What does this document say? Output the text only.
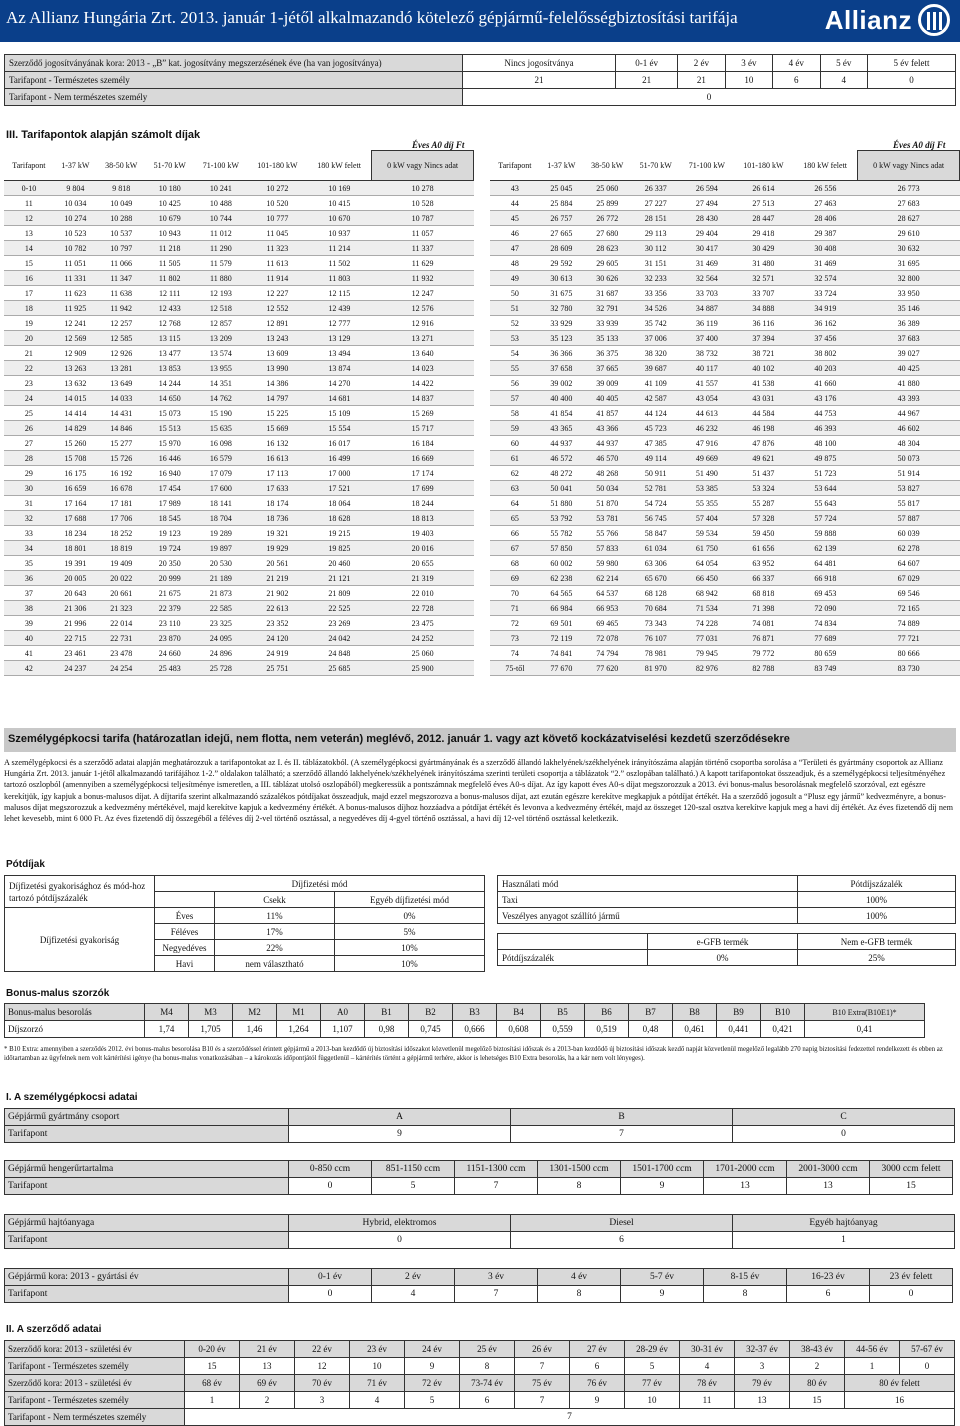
Az Allianz Hungária Zrt. 2013. január 1-jétől alkalmazandó kötelező gépjármű-felelősségbiztosítási tarifája	Allianz
Szerződő jogosítványának kora: 2013 - „B” kat. jogosítvány megszerzésének éve (ha van jogosítványa)	Nincs jogosítványa	0-1 év	2 év	3 év	4 év	5 év	5 év felett
Tarifapont - Természetes személy	21	21	21	10	6	4	0
Tarifapont - Nem természetes személy	0						
III. Tarifapontok alapján számolt díjak
Éves A0 díj Ft	Éves A0 díj Ft
Tarifapont	1-37 kW	38-50 kW	51-70 kW	71-100 kW	101-180 kW	180 kW felett	0 kW vagy Nincs adat
0-10	9 804	9 818	10 180	10 241	10 272	10 169	10 278
11	10 034	10 049	10 425	10 488	10 520	10 415	10 528
12	10 274	10 288	10 679	10 744	10 777	10 670	10 787
13	10 523	10 537	10 943	11 012	11 045	10 937	11 057
14	10 782	10 797	11 218	11 290	11 323	11 214	11 337
15	11 051	11 066	11 505	11 579	11 613	11 502	11 629
16	11 331	11 347	11 802	11 880	11 914	11 803	11 932
17	11 623	11 638	12 111	12 193	12 227	12 115	12 247
18	11 925	11 942	12 433	12 518	12 552	12 439	12 576
19	12 241	12 257	12 768	12 857	12 891	12 777	12 916
20	12 569	12 585	13 115	13 209	13 243	13 129	13 271
21	12 909	12 926	13 477	13 574	13 609	13 494	13 640
22	13 263	13 281	13 853	13 955	13 990	13 874	14 023
23	13 632	13 649	14 244	14 351	14 386	14 270	14 422
24	14 015	14 033	14 650	14 762	14 797	14 681	14 837
25	14 414	14 431	15 073	15 190	15 225	15 109	15 269
26	14 829	14 846	15 513	15 635	15 669	15 554	15 717
27	15 260	15 277	15 970	16 098	16 132	16 017	16 184
28	15 708	15 726	16 446	16 579	16 613	16 499	16 669
29	16 175	16 192	16 940	17 079	17 113	17 000	17 174
30	16 659	16 678	17 454	17 600	17 633	17 521	17 699
31	17 164	17 181	17 989	18 141	18 174	18 064	18 244
32	17 688	17 706	18 545	18 704	18 736	18 628	18 813
33	18 234	18 252	19 123	19 289	19 321	19 215	19 403
34	18 801	18 819	19 724	19 897	19 929	19 825	20 016
35	19 391	19 409	20 350	20 530	20 561	20 460	20 655
36	20 005	20 022	20 999	21 189	21 219	21 121	21 319
37	20 643	20 661	21 675	21 873	21 902	21 809	22 010
38	21 306	21 323	22 379	22 585	22 613	22 525	22 728
39	21 996	22 014	23 110	23 325	23 352	23 269	23 475
40	22 715	22 731	23 870	24 095	24 120	24 042	24 252
41	23 461	23 478	24 660	24 896	24 919	24 848	25 060
42	24 237	24 254	25 483	25 728	25 751	25 685	25 900
Tarifapont	1-37 kW	38-50 kW	51-70 kW	71-100 kW	101-180 kW	180 kW felett	0 kW vagy Nincs adat
43	25 045	25 060	26 337	26 594	26 614	26 556	26 773
44	25 884	25 899	27 227	27 494	27 513	27 463	27 683
45	26 757	26 772	28 151	28 430	28 447	28 406	28 627
46	27 665	27 680	29 113	29 404	29 418	29 387	29 610
47	28 609	28 623	30 112	30 417	30 429	30 408	30 632
48	29 592	29 605	31 151	31 469	31 480	31 469	31 695
49	30 613	30 626	32 233	32 564	32 571	32 574	32 800
50	31 675	31 687	33 356	33 703	33 707	33 724	33 950
51	32 780	32 791	34 526	34 887	34 888	34 919	35 146
52	33 929	33 939	35 742	36 119	36 116	36 162	36 389
53	35 123	35 133	37 006	37 400	37 394	37 456	37 683
54	36 366	36 375	38 320	38 732	38 721	38 802	39 027
55	37 658	37 665	39 687	40 117	40 102	40 203	40 425
56	39 002	39 009	41 109	41 557	41 538	41 660	41 880
57	40 400	40 405	42 587	43 054	43 031	43 176	43 393
58	41 854	41 857	44 124	44 613	44 584	44 753	44 967
59	43 365	43 366	45 723	46 232	46 198	46 393	46 602
60	44 937	44 937	47 385	47 916	47 876	48 100	48 304
61	46 572	46 570	49 114	49 669	49 621	49 875	50 073
62	48 272	48 268	50 911	51 490	51 437	51 723	51 914
63	50 041	50 034	52 781	53 385	53 324	53 644	53 827
64	51 880	51 870	54 724	55 355	55 287	55 643	55 817
65	53 792	53 781	56 745	57 404	57 328	57 724	57 887
66	55 782	55 766	58 847	59 534	59 450	59 888	60 039
67	57 850	57 833	61 034	61 750	61 656	62 139	62 278
68	60 002	59 980	63 306	64 054	63 952	64 481	64 607
69	62 238	62 214	65 670	66 450	66 337	66 918	67 029
70	64 565	64 537	68 128	68 942	68 818	69 453	69 546
71	66 984	66 953	70 684	71 534	71 398	72 090	72 165
72	69 501	69 465	73 343	74 228	74 081	74 834	74 889
73	72 119	72 078	76 107	77 031	76 871	77 689	77 721
74	74 841	74 794	78 981	79 945	79 772	80 659	80 666
75-től	77 670	77 620	81 970	82 976	82 788	83 749	83 730
Személygépkocsi tarifa (határozatlan idejű, nem flotta, nem veterán) meglévő, 2012. január 1. vagy azt követő kockázatviselési kezdetű szerződésekre
A személygépkocsi és a szerződő adatai alapján meghatározzuk a tarifapontokat az I. és II. táblázatokból. (A személygépkocsi gyártmányának és a szerződő állandó lakhelyének/székhelyének irányítószáma alapján történő csoportba sorolása a “Területi és gyártmány csoportok az Allianz Hungária Zrt. 2013. január 1-jétől alkalmazandó tarifájához 1-2.” oldalakon található; a szerződő állandó lakhelyének/székhelyének irányítószáma szerinti területi csoportja a táblázatok “2.” oszlopában található.) A kapott tarifapontokat összeadjuk, és a személygépkocsi teljesítményéhez tartozó oszlopból (amennyiben a személygépkocsi teljesítménye ismeretlen, a III. táblázat utolsó oszlopából) megkeressük a pontszámnak megfelelő éves A0-s díjat. Az így kapott éves A0-s díjat megszorozzuk a 2013. évi bonus-malus besorolásnak megfelelő szorzóval, ezt egészre kerekítjük, így kapjuk a bonus-malusos díjat. A díjtarifa szerint alkalmazandó százalékos pótdíjakat összeadjuk, majd ezzel megszorozva a bonus-malusos díjat, azt ezután egészre kerekítve megkapjuk a pótdíjat értékét. Ha a szerződő jogosult a “Plusz egy jármű” kedvezményre, a bonus-malusos díjat megszorozzuk a kedvezmény mértékével, majd kerekítve kapjuk a kedvezmény értékét. A bonus-malusos díjhoz hozzáadva a pótdíjat értékét és levonva a kedvezmény értékét, majd az összeget 120-szal osztva kerekítve kapjuk meg a havi díj értékét. Az éves fizetendő díj nem lehet kevesebb, mint 6 000 Ft. Az éves fizetendő díj összegéből a féléves díj 2-vel történő osztással, a negyedéves díj 4-gyel történő osztással, a havi díj 12-vel történő osztással keletkezik.
Pótdíjak
Díjfizetési gyakorisághoz és mód-hoz tartozó pótdíjszázalék	Díjfizetési mód		
		Csekk	Egyéb díjfizetési mód
Díjfizetési gyakoriság	Éves	11%	0%
	Féléves	17%	5%
	Negyedéves	22%	10%
	Havi	nem választható	10%
Használati mód		Pótdíjszázalék
Taxi		100%
Veszélyes anyagot szállító jármű		100%

	e-GFB termék	Nem e-GFB termék
Pótdíjszázalék	0%	25%
Bonus-malus szorzók
Bonus-malus besorolás	M4	M3	M2	M1	A0	B1	B2	B3	B4	B5	B6	B7	B8	B9	B10	B10 Extra(B10E1)*
Díjszorzó	1,74	1,705	1,46	1,264	1,107	0,98	0,745	0,666	0,608	0,559	0,519	0,48	0,461	0,441	0,421	0,41
* B10 Extra: amennyiben a szerződés 2012. évi bonus-malus besorolása B10 és a szerződéssel érintett gépjármű a 2013-ban kezdődő új biztosítási időszakot közvetlenül megelőző biztosítási időszak és a 2013-ban kezdődő új biztosítási időszak kezdő napját közvetlenül megelőző legalább 270 napig biztosítási fedezettel rendelkezett és ebben az időtartamban az ügyfelnek nem volt kártérítési igénye (ha bonus-malus vonatkozásában – a károkozás időpontjától függetlenül – kártérítés történt a gépjármű terhére, akkor is lehetséges B10 Extra besorolás, ha a kár nem volt lényeges).
I. A személygépkocsi adatai
Gépjármű gyártmány csoport	A	B	C
Tarifapont	9	7	0
Gépjármű hengerűrtartalma	0-850 ccm	851-1150 ccm	1151-1300 ccm	1301-1500 ccm	1501-1700 ccm	1701-2000 ccm	2001-3000 ccm	3000 ccm felett
Tarifapont	0	5	7	8	9	13	13	15
Gépjármű hajtóanyaga	Hybrid, elektromos	Diesel	Egyéb hajtóanyag
Tarifapont	0	6	1
Gépjármű kora: 2013 - gyártási év	0-1 év	2 év	3 év	4 év	5-7 év	8-15 év	16-23 év	23 év felett
Tarifapont	0	4	7	8	9	8	6	0
II. A szerződő adatai
Szerződő kora: 2013 - születési év	0-20 év	21 év	22 év	23 év	24 év	25 év	26 év	27 év	28-29 év	30-31 év	32-37 év	38-43 év	44-56 év	57-67 év
Tarifapont - Természetes személy	15	13	12	10	9	8	7	6	5	4	3	2	1	0
Szerződő kora: 2013 - születési év	68 év	69 év	70 év	71 év	72 év	73-74 év	75 év	76 év	77 év	78 év	79 év	80 év	80 év felett	
Tarifapont - Természetes személy	1	2	3	4	5	6	7	9	10	11	13	15	16	
Tarifapont - Nem természetes személy	7													
